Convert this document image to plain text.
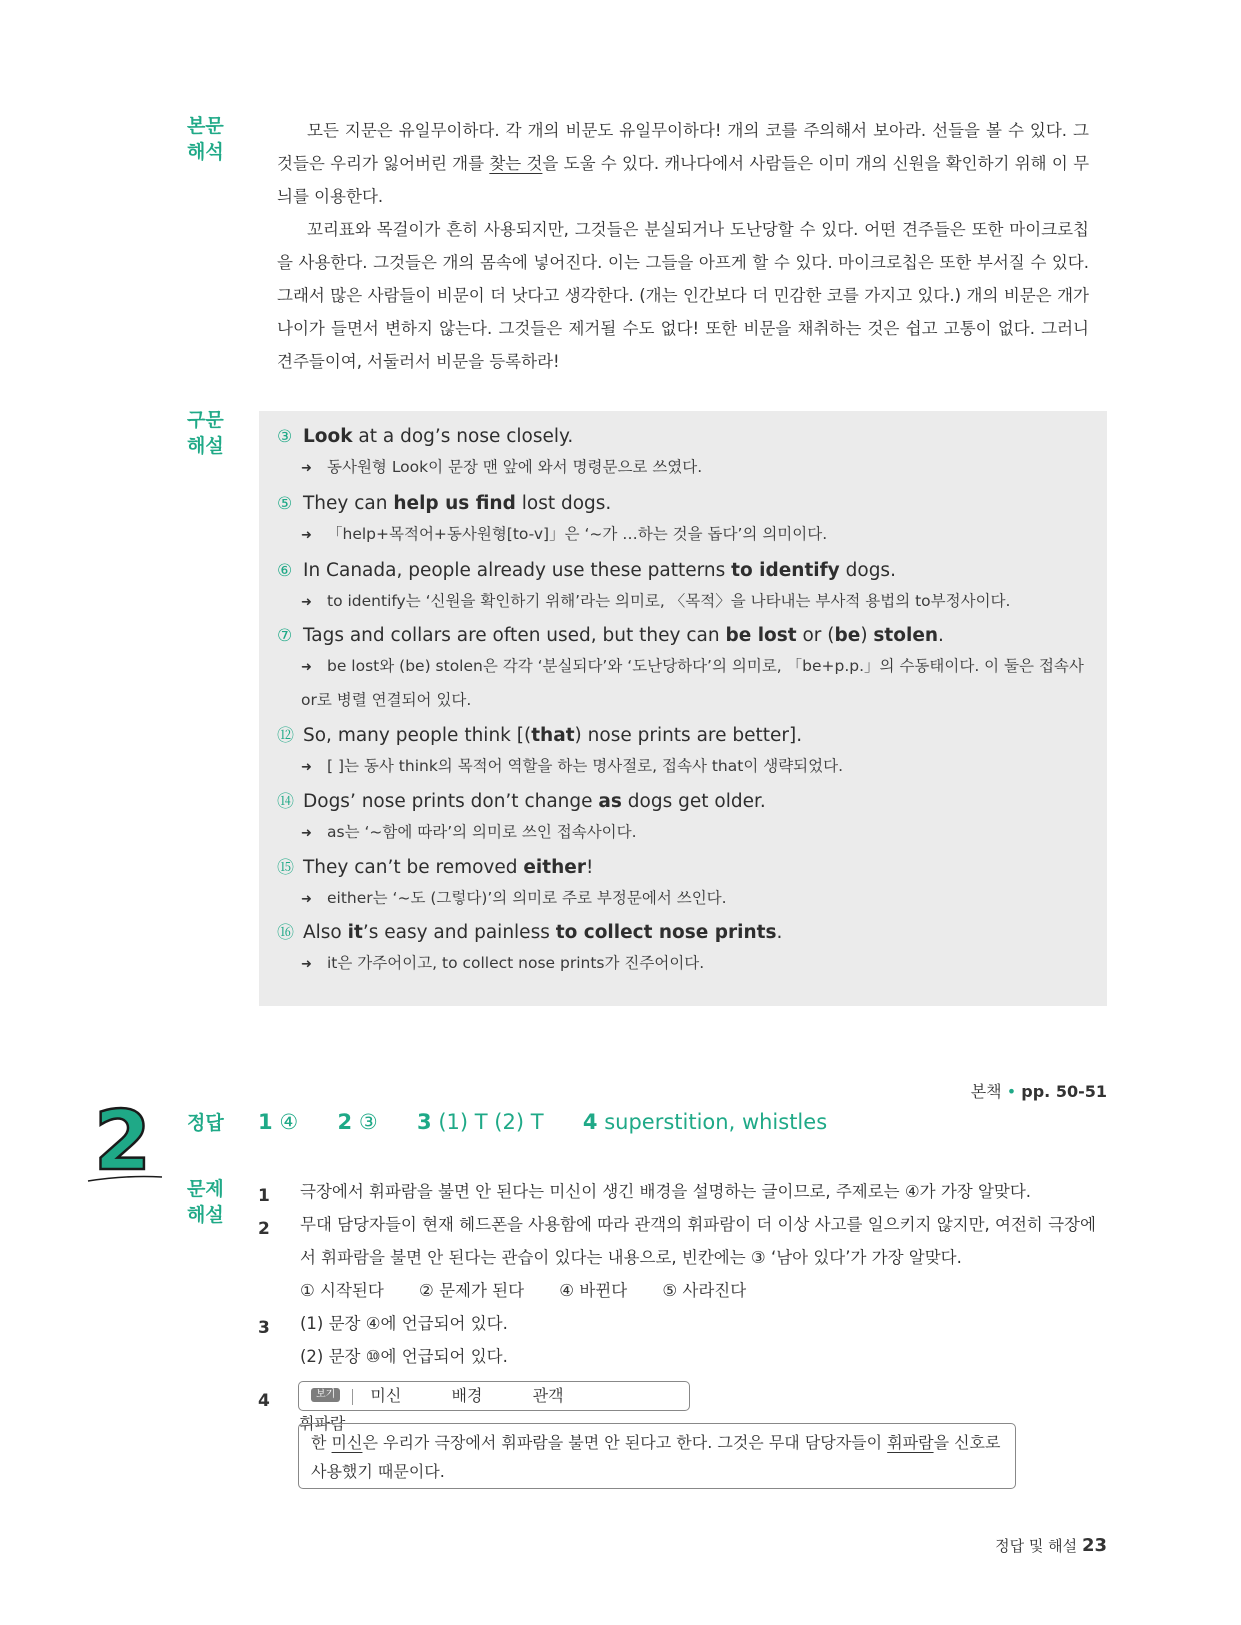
본문
해석

모든 지문은 유일무이하다. 각 개의 비문도 유일무이하다! 개의 코를 주의해서 보아라. 선들을 볼 수 있다. 그것들은 우리가 잃어버린 개를 찾는 것을 도울 수 있다. 캐나다에서 사람들은 이미 개의 신원을 확인하기 위해 이 무늬를 이용한다.

꼬리표와 목걸이가 흔히 사용되지만, 그것들은 분실되거나 도난당할 수 있다. 어떤 견주들은 또한 마이크로칩을 사용한다. 그것들은 개의 몸속에 넣어진다. 이는 그들을 아프게 할 수 있다. 마이크로칩은 또한 부서질 수 있다. 그래서 많은 사람들이 비문이 더 낫다고 생각한다. (개는 인간보다 더 민감한 코를 가지고 있다.) 개의 비문은 개가 나이가 들면서 변하지 않는다. 그것들은 제거될 수도 없다! 또한 비문을 채취하는 것은 쉽고 고통이 없다. 그러니 견주들이여, 서둘러서 비문을 등록하라!

구문
해설	③ Look at a dog’s nose closely.
➜ 동사원형 Look이 문장 맨 앞에 와서 명령문으로 쓰였다.
⑤ They can help us find lost dogs.
➜ 「help+목적어+동사원형[to-v]」은 ‘~가 …하는 것을 돕다’의 의미이다.
⑥ In Canada, people already use these patterns to identify dogs.
➜ to identify는 ‘신원을 확인하기 위해’라는 의미로, 〈목적〉을 나타내는 부사적 용법의 to부정사이다.
⑦ Tags and collars are often used, but they can be lost or (be) stolen.
➜ be lost와 (be) stolen은 각각 ‘분실되다’와 ‘도난당하다’의 의미로, 「be+p.p.」의 수동태이다. 이 둘은 접속사
or로 병렬 연결되어 있다.
⑫ So, many people think [(that) nose prints are better].
➜ [ ]는 동사 think의 목적어 역할을 하는 명사절로, 접속사 that이 생략되었다.
⑭ Dogs’ nose prints don’t change as dogs get older.
➜ as는 ‘~함에 따라’의 의미로 쓰인 접속사이다.
⑮ They can’t be removed either!
➜ either는 ‘~도 (그렇다)’의 의미로 주로 부정문에서 쓰인다.
⑯ Also it’s easy and painless to collect nose prints.
➜ it은 가주어이고, to collect nose prints가 진주어이다.
2
본책 • pp. 50-51
정답	1 ④ 2 ③ 3 (1) T (2) T 4 superstition, whistles
문제
해설
1 극장에서 휘파람을 불면 안 된다는 미신이 생긴 배경을 설명하는 글이므로, 주제로는 ④가 가장 알맞다.
2 무대 담당자들이 현재 헤드폰을 사용함에 따라 관객의 휘파람이 더 이상 사고를 일으키지 않지만, 여전히 극장에서 휘파람을 불면 안 된다는 관습이 있다는 내용으로, 빈칸에는 ③ ‘남아 있다’가 가장 알맞다.
① 시작된다 ② 문제가 된다 ④ 바뀐다 ⑤ 사라진다
3 (1) 문장 ④에 언급되어 있다.
(2) 문장 ⑩에 언급되어 있다.
4	보기 미신	배경	관객 휘파람
한 미신은 우리가 극장에서 휘파람을 불면 안 된다고 한다. 그것은 무대 담당자들이 휘파람을 신호로 사용했기 때문이다.
정답 및 해설 23
